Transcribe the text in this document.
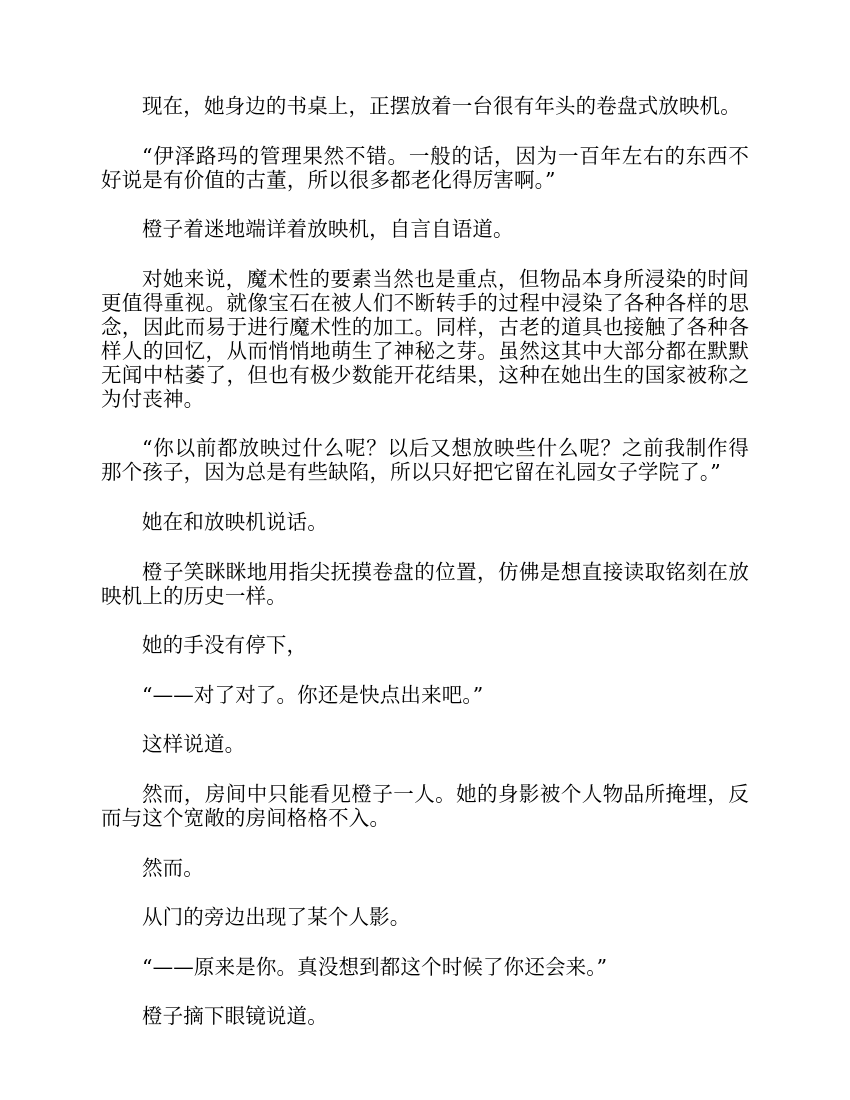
现在，她身边的书桌上，正摆放着一台很有年头的卷盘式放映机。

“伊泽路玛的管理果然不错。一般的话，因为一百年左右的东西不好说是有价值的古董，所以很多都老化得厉害啊。”

橙子着迷地端详着放映机，自言自语道。

对她来说，魔术性的要素当然也是重点，但物品本身所浸染的时间更值得重视。就像宝石在被人们不断转手的过程中浸染了各种各样的思念，因此而易于进行魔术性的加工。同样，古老的道具也接触了各种各样人的回忆，从而悄悄地萌生了神秘之芽。虽然这其中大部分都在默默无闻中枯萎了，但也有极少数能开花结果，这种在她出生的国家被称之为付丧神。

“你以前都放映过什么呢？以后又想放映些什么呢？之前我制作得那个孩子，因为总是有些缺陷，所以只好把它留在礼园女子学院了。”

她在和放映机说话。

橙子笑眯眯地用指尖抚摸卷盘的位置，仿佛是想直接读取铭刻在放映机上的历史一样。

她的手没有停下，

“——对了对了。你还是快点出来吧。”

这样说道。

然而，房间中只能看见橙子一人。她的身影被个人物品所掩埋，反而与这个宽敞的房间格格不入。

然而。

从门的旁边出现了某个人影。

“——原来是你。真没想到都这个时候了你还会来。”

橙子摘下眼镜说道。
